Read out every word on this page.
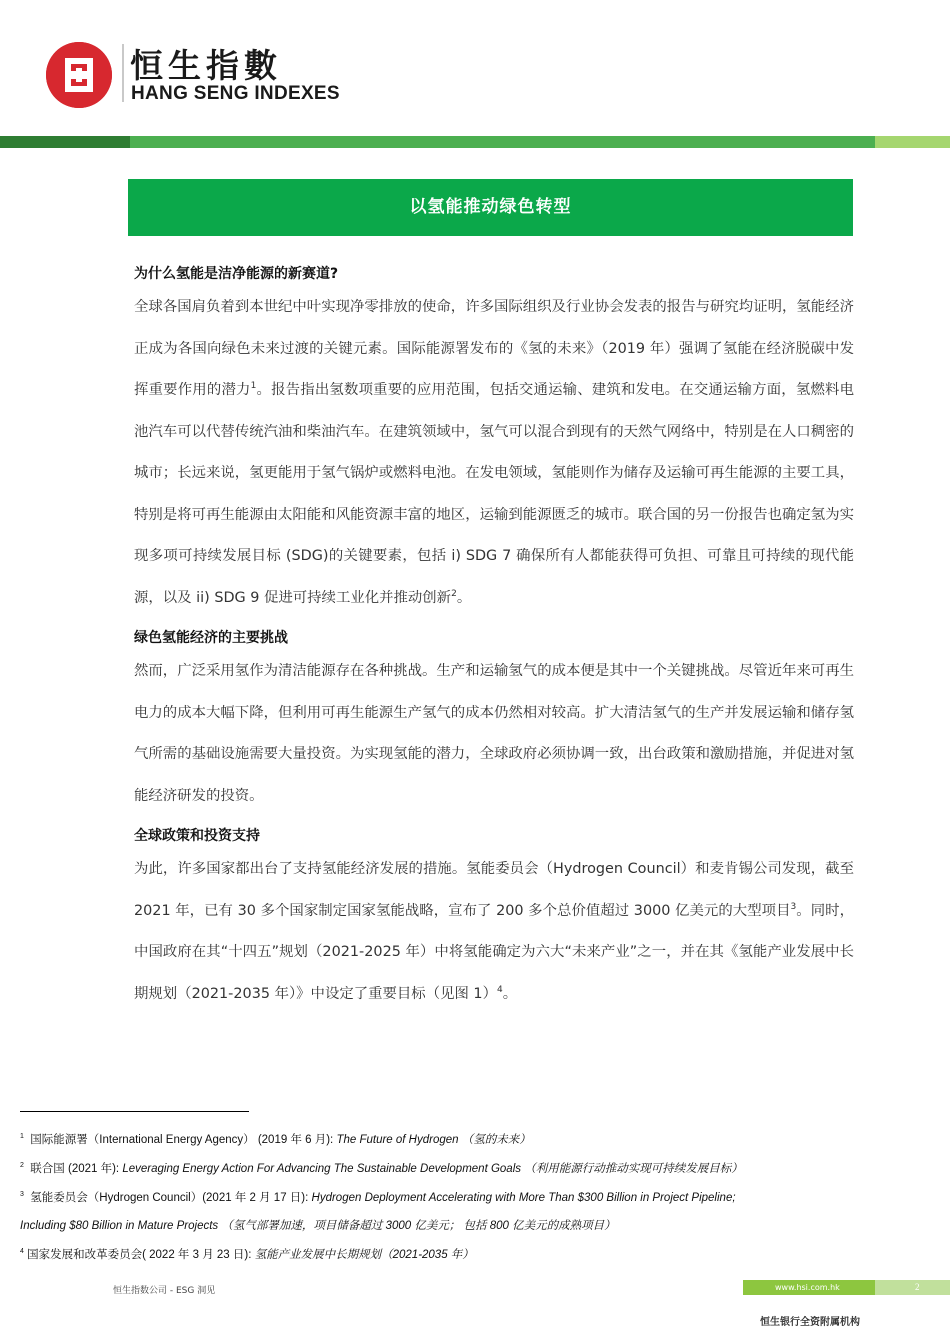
恒生指數
HANG SENG INDEXES
以氢能推动绿色转型
为什么氢能是洁净能源的新赛道?

全球各国肩负着到本世纪中叶实现净零排放的使命，许多国际组织及行业协会发表的报告与研究均证明，氢能经济正成为各国向绿色未来过渡的关键元素。国际能源署发布的《氢的未来》（2019 年）强调了氢能在经济脱碳中发挥重要作用的潜力$^1$。报告指出氢数项重要的应用范围，包括交通运输、建筑和发电。在交通运输方面，氢燃料电池汽车可以代替传统汽油和柴油汽车。在建筑领域中，氢气可以混合到现有的天然气网络中，特别是在人口稠密的城市；长远来说，氢更能用于氢气锅炉或燃料电池。在发电领域，氢能则作为储存及运输可再生能源的主要工具，特别是将可再生能源由太阳能和风能资源丰富的地区，运输到能源匮乏的城市。联合国的另一份报告也确定氢为实现多项可持续发展目标 (SDG)的关键要素，包括 i) SDG 7 确保所有人都能获得可负担、可靠且可持续的现代能源，以及 ii) SDG 9 促进可持续工业化并推动创新$^2$。

绿色氢能经济的主要挑战

然而，广泛采用氢作为清洁能源存在各种挑战。生产和运输氢气的成本便是其中一个关键挑战。尽管近年来可再生电力的成本大幅下降，但利用可再生能源生产氢气的成本仍然相对较高。扩大清洁氢气的生产并发展运输和储存氢气所需的基础设施需要大量投资。为实现氢能的潜力，全球政府必须协调一致，出台政策和激励措施，并促进对氢能经济研发的投资。

全球政策和投资支持

为此，许多国家都出台了支持氢能经济发展的措施。氢能委员会（Hydrogen Council）和麦肯锡公司发现，截至 2021 年，已有 30 多个国家制定国家氢能战略，宣布了 200 多个总价值超过 3000 亿美元的大型项目$^3$。同时，中国政府在其“十四五”规划（2021-2025 年）中将氢能确定为六大“未来产业”之一，并在其《氢能产业发展中长期规划（2021-2035 年）》中设定了重要目标（见图 1）$^4$。

$^1$ 国际能源署（International Energy Agency） (2019 年 6 月): The Future of Hydrogen （氢的未来）
$^2$ 联合国 (2021 年): Leveraging Energy Action For Advancing The Sustainable Development Goals （利用能源行动推动实现可持续发展目标）
$^3$ 氢能委员会（Hydrogen Council）(2021 年 2 月 17 日): Hydrogen Deployment Accelerating with More Than $300 Billion in Project Pipeline;
Including $80 Billion in Mature Projects （氢气部署加速，项目储备超过 3000 亿美元； 包括 800 亿美元的成熟项目）
$^4$ 国家发展和改革委员会( 2022 年 3 月 23 日): 氢能产业发展中长期规划（2021-2035 年）
恒生指数公司 - ESG 洞见	www.hsi.com.hk	2
恒生银行全资附属机构
